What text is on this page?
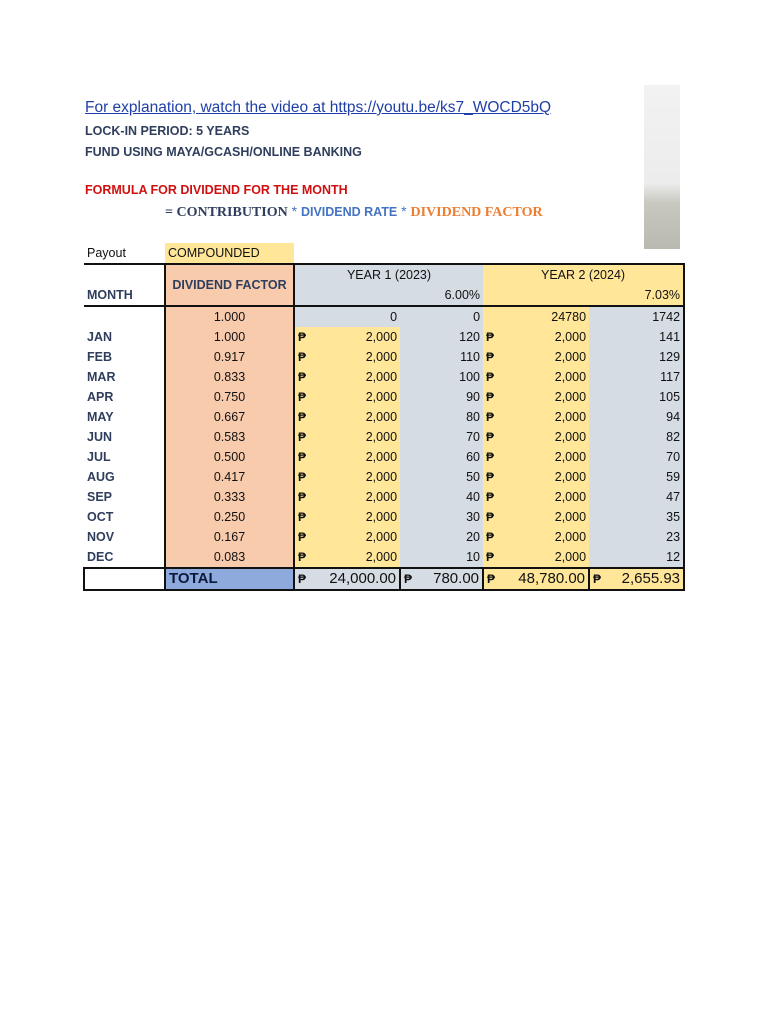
For explanation, watch the video at https://youtu.be/ks7_WOCD5bQ
LOCK-IN PERIOD: 5 YEARS
FUND USING MAYA/GCASH/ONLINE BANKING
FORMULA FOR DIVIDEND FOR THE MONTH
= CONTRIBUTION * DIVIDEND RATE * DIVIDEND FACTOR
Payout	COMPOUNDED						
	DIVIDEND FACTOR	YEAR 1 (2023)			YEAR 2 (2024)		
MONTH		6.00%			7.03%		
	1.000	0		0	24780		1742
JAN	1.000	₱	2,000	120	₱	2,000	141
FEB	0.917	₱	2,000	110	₱	2,000	129
MAR	0.833	₱	2,000	100	₱	2,000	117
APR	0.750	₱	2,000	90	₱	2,000	105
MAY	0.667	₱	2,000	80	₱	2,000	94
JUN	0.583	₱	2,000	70	₱	2,000	82
JUL	0.500	₱	2,000	60	₱	2,000	70
AUG	0.417	₱	2,000	50	₱	2,000	59
SEP	0.333	₱	2,000	40	₱	2,000	47
OCT	0.250	₱	2,000	30	₱	2,000	35
NOV	0.167	₱	2,000	20	₱	2,000	23
DEC	0.083	₱	2,000	10	₱	2,000	12
	TOTAL	₱ 24,000.00		₱ 780.00	₱ 48,780.00		₱ 2,655.93
